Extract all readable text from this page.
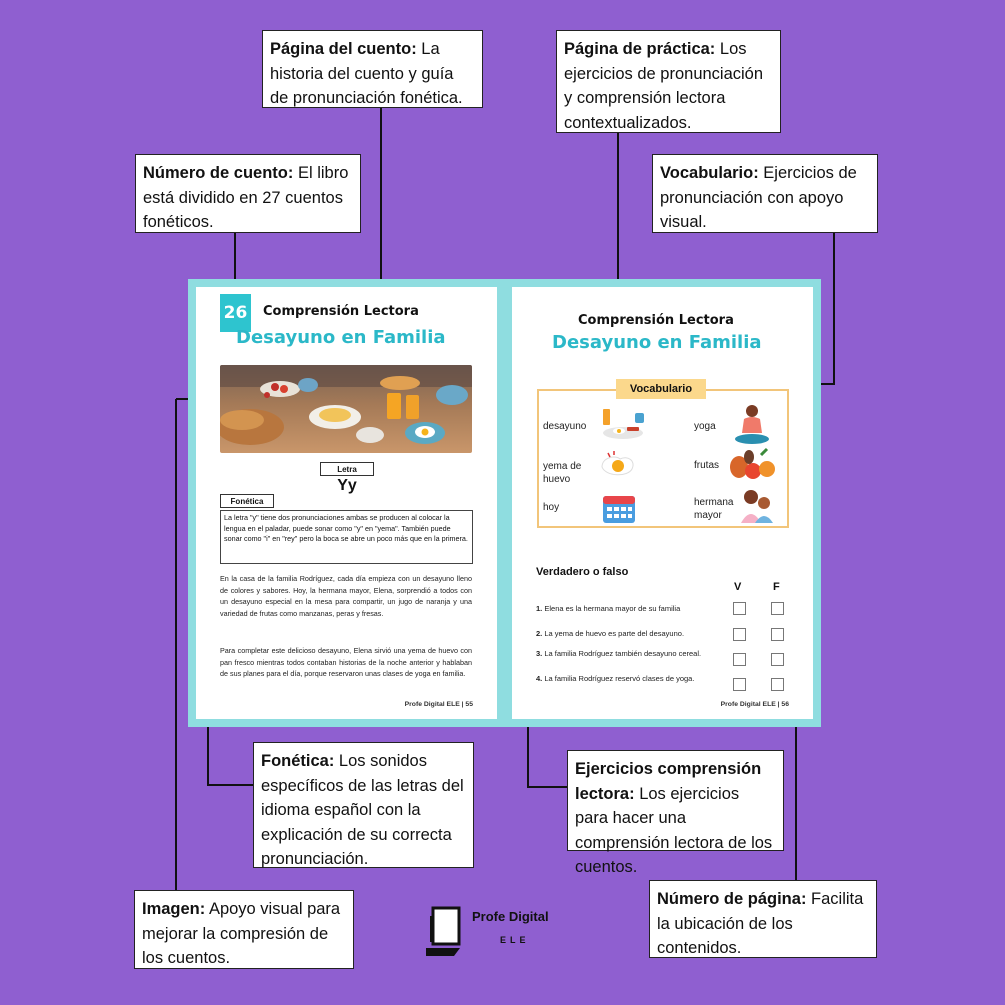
Página del cuento: La historia del cuento y guía de pronunciación fonética.
Página de práctica: Los ejercicios de pronunciación y comprensión lectora contextualizados.
Número de cuento: El libro está dividido en 27 cuentos fonéticos.
Vocabulario: Ejercicios de pronunciación con apoyo visual.
Fonética: Los sonidos específicos de las letras del idioma español con la explicación de su correcta pronunciación.
Ejercicios comprensión lectora: Los ejercicios para hacer una comprensión lectora de los cuentos.
Imagen: Apoyo visual para mejorar la compresión de los cuentos.
Número de página: Facilita la ubicación de los contenidos.
26 Comprensión Lectora
Desayuno en Familia
Letra
Yy
Fonética
La letra "y" tiene dos pronunciaciones ambas se producen al colocar la lengua en el paladar, puede sonar como "y" en "yema". También puede sonar como "i" en "rey" pero la boca se abre un poco más que en la primera.
En la casa de la familia Rodríguez, cada día empieza con un desayuno lleno de colores y sabores. Hoy, la hermana mayor, Elena, sorprendió a todos con un desayuno especial en la mesa para compartir, un jugo de naranja y una variedad de frutas como manzanas, peras y fresas.
Para completar este delicioso desayuno, Elena sirvió una yema de huevo con pan fresco mientras todos contaban historias de la noche anterior y hablaban de sus planes para el día, porque reservaron unas clases de yoga en familia.
Profe Digital ELE | 55
Comprensión Lectora
Desayuno en Familia
Vocabulario
desayuno
yema de huevo
hoy
yoga
frutas
hermana mayor
Verdadero o falso
V	F
1. Elena es la hermana mayor de su familia
2. La yema de huevo es parte del desayuno.
3. La familia Rodríguez también desayuno cereal.
4. La familia Rodríguez reservó clases de yoga.
Profe Digital ELE | 56
Profe Digital
ELE
